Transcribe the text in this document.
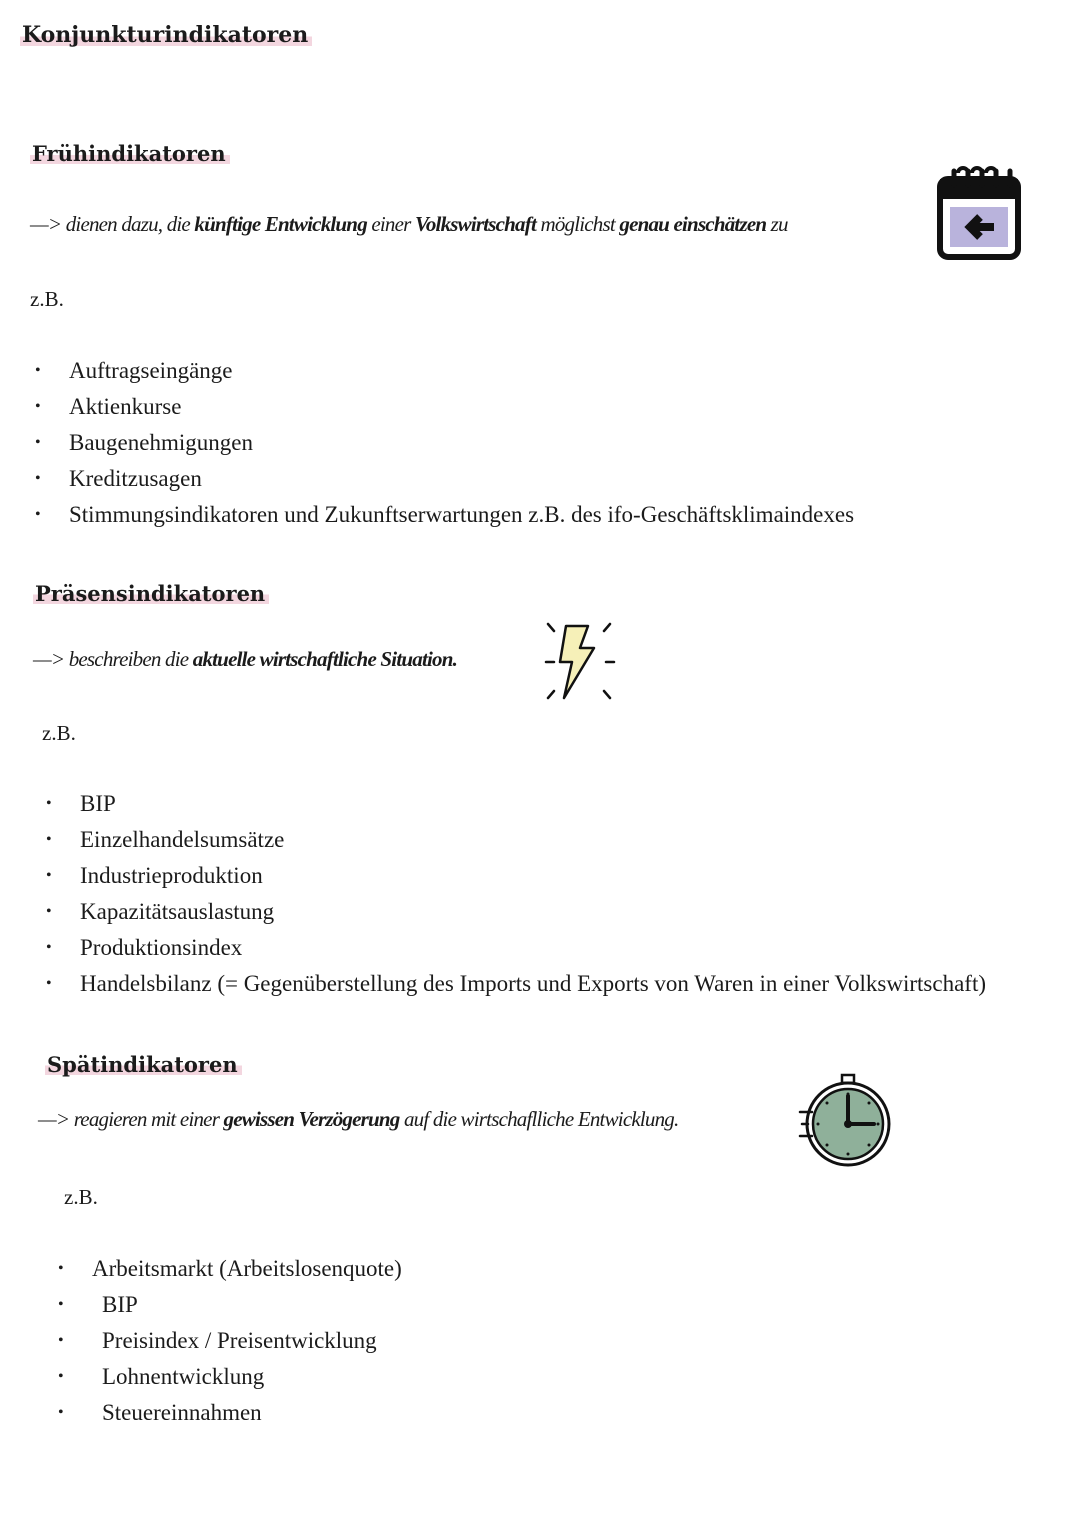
Konjunkturindikatoren
Frühindikatoren
—> dienen dazu, die künftige Entwicklung einer Volkswirtschaft möglichst genau einschätzen zu
z.B.
• Auftragseingänge
• Aktienkurse
• Baugenehmigungen
• Kreditzusagen
• Stimmungsindikatoren und Zukunftserwartungen z.B. des ifo-Geschäftsklimaindexes
Präsensindikatoren
—> beschreiben die aktuelle wirtschaftliche Situation.
z.B.
• BIP
• Einzelhandelsumsätze
• Industrieproduktion
• Kapazitätsauslastung
• Produktionsindex
• Handelsbilanz (= Gegenüberstellung des Imports und Exports von Waren in einer Volkswirtschaft)
Spätindikatoren
—> reagieren mit einer gewissen Verzögerung auf die wirtschaflliche Entwicklung.
z.B.
• Arbeitsmarkt (Arbeitslosenquote)
• BIP
• Preisindex / Preisentwicklung
• Lohnentwicklung
• Steuereinnahmen
